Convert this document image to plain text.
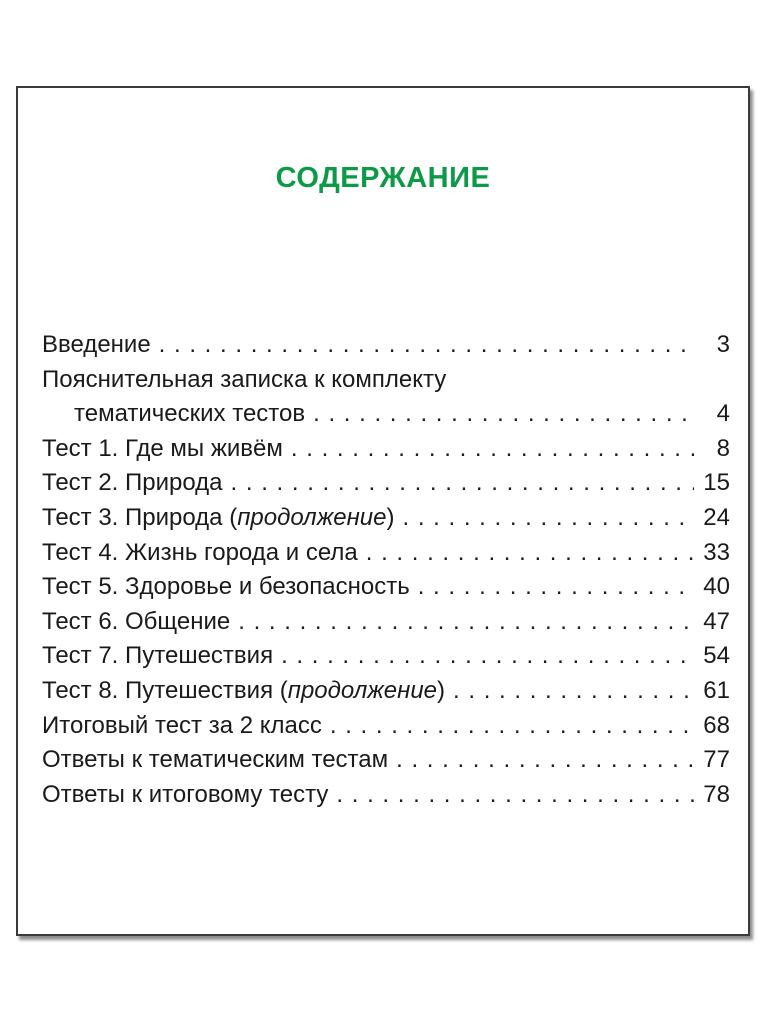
СОДЕРЖАНИЕ
Введение . . .	3
Пояснительная записка к комплекту
тематических тестов . . .	4
Тест 1. Где мы живём . . .	8
Тест 2. Природа . . .	15
Тест 3. Природа (продолжение) . . .	24
Тест 4. Жизнь города и села . . .	33
Тест 5. Здоровье и безопасность . . .	40
Тест 6. Общение . . .	47
Тест 7. Путешествия . . .	54
Тест 8. Путешествия (продолжение) . . .	61
Итоговый тест за 2 класс . . .	68
Ответы к тематическим тестам . . .	77
Ответы к итоговому тесту . . .	78
